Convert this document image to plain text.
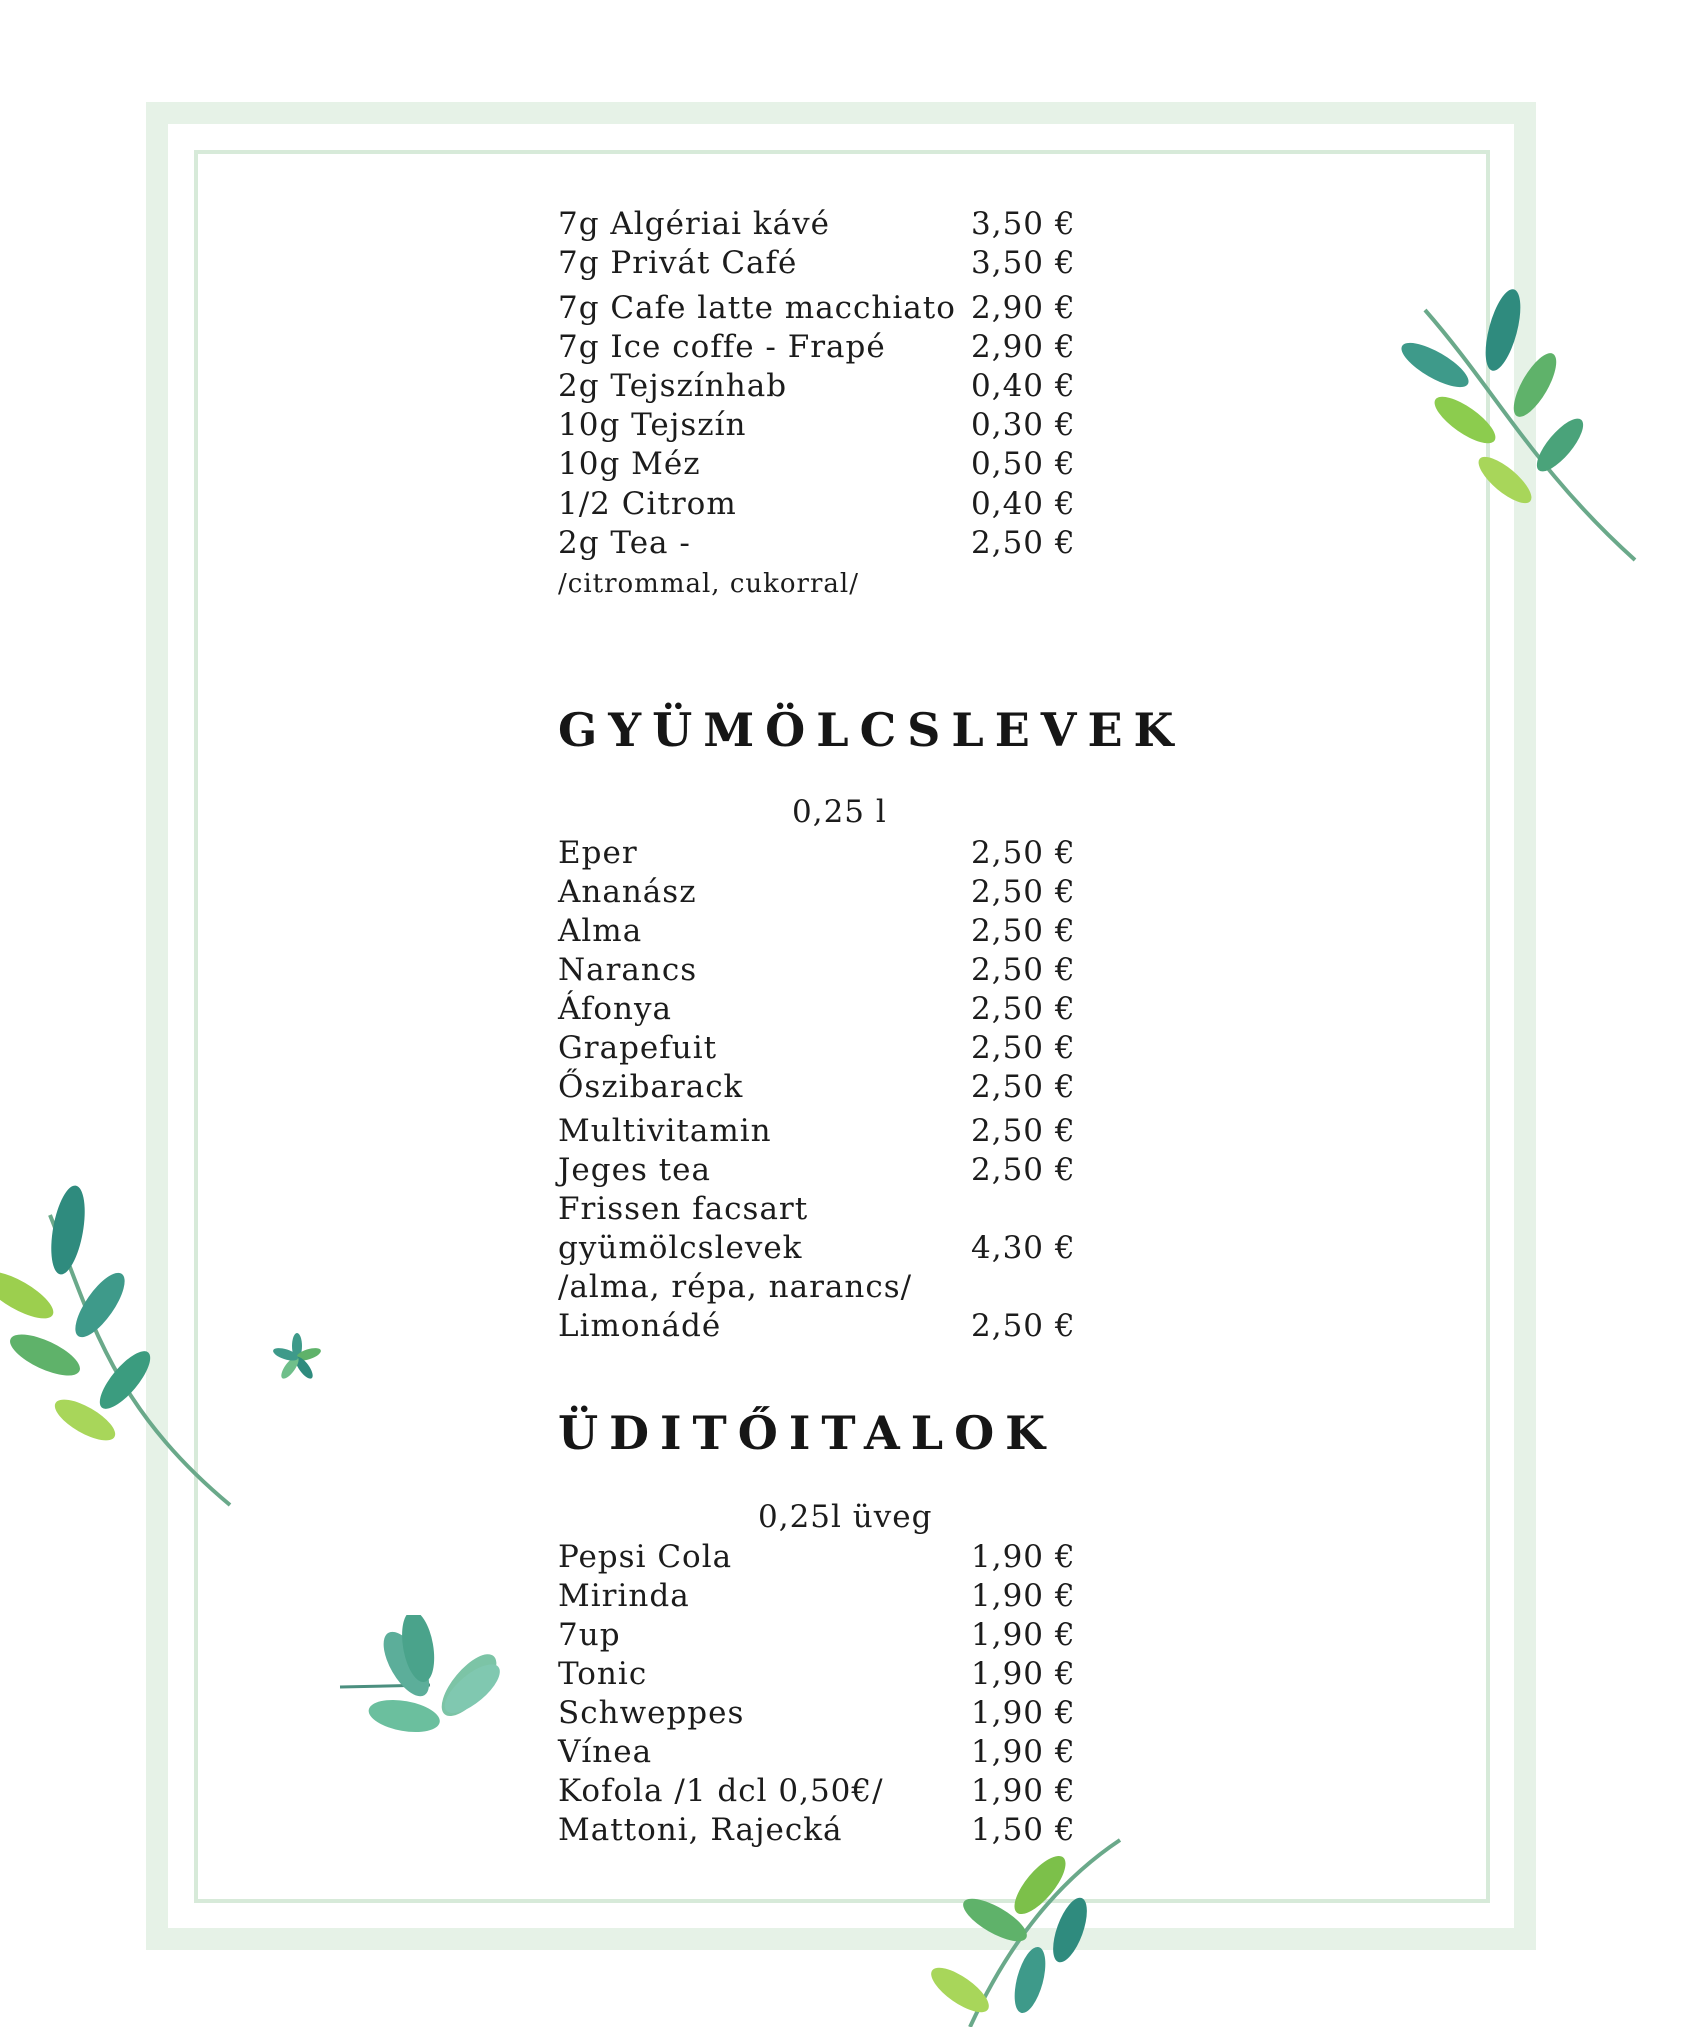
7g Algériai kávé	3,50 €
7g Privát Café	3,50 €
7g Cafe latte macchiato 2,90 €
7g Ice coffe - Frapé	2,90 €
2g Tejszínhab	0,40 €
10g Tejszín	0,30 €
10g Méz	0,50 €
1/2 Citrom	0,40 €
2g Tea -	2,50 €
/citrommal, cukorral/
GYÜMÖLCSLEVEK
0,25 l
Eper	2,50 €
Ananász	2,50 €
Alma	2,50 €
Narancs	2,50 €
Áfonya	2,50 €
Grapefuit	2,50 €
Őszibarack	2,50 €
Multivitamin	2,50 €
Jeges tea	2,50 €
Frissen facsart
gyümölcslevek	4,30 €
/alma, répa, narancs/
Limonádé	2,50 €
ÜDITŐITALOK
0,25l üveg
Pepsi Cola	1,90 €
Mirinda	1,90 €
7up	1,90 €
Tonic	1,90 €
Schweppes	1,90 €
Vínea	1,90 €
Kofola /1 dcl 0,50€/	1,90 €
Mattoni, Rajecká	1,50 €
